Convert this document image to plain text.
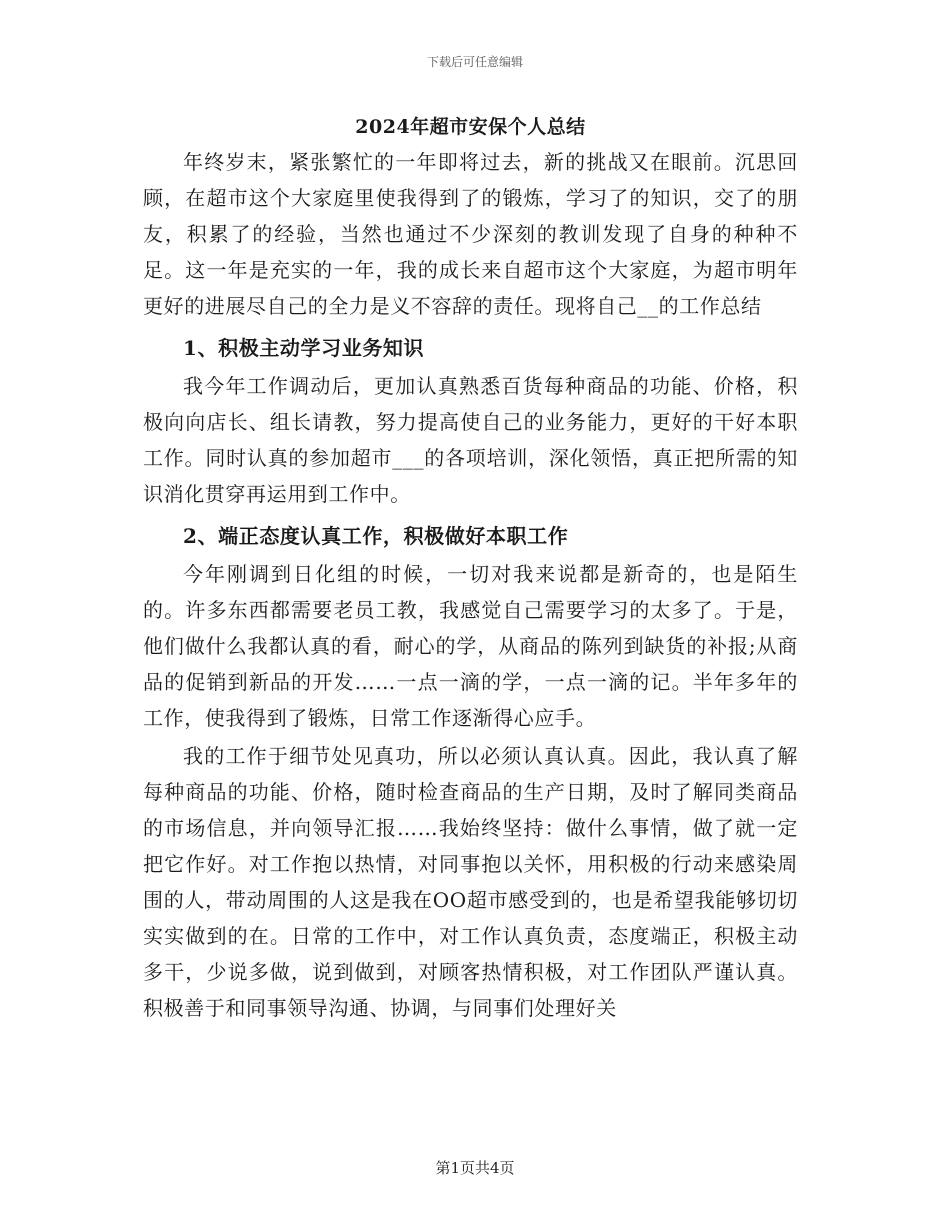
下载后可任意编辑
2024年超市安保个人总结

年终岁末，紧张繁忙的一年即将过去，新的挑战又在眼前。沉思回顾，在超市这个大家庭里使我得到了的锻炼，学习了的知识，交了的朋友，积累了的经验，当然也通过不少深刻的教训发现了自身的种种不足。这一年是充实的一年，我的成长来自超市这个大家庭，为超市明年更好的进展尽自己的全力是义不容辞的责任。现将自己__的工作总结

1、积极主动学习业务知识

我今年工作调动后，更加认真熟悉百货每种商品的功能、价格，积极向向店长、组长请教，努力提高使自己的业务能力，更好的干好本职工作。同时认真的参加超市___的各项培训，深化领悟，真正把所需的知识消化贯穿再运用到工作中。

2、端正态度认真工作，积极做好本职工作

今年刚调到日化组的时候，一切对我来说都是新奇的，也是陌生的。许多东西都需要老员工教，我感觉自己需要学习的太多了。于是，他们做什么我都认真的看，耐心的学，从商品的陈列到缺货的补报;从商品的促销到新品的开发……一点一滴的学，一点一滴的记。半年多年的工作，使我得到了锻炼，日常工作逐渐得心应手。

我的工作于细节处见真功，所以必须认真认真。因此，我认真了解每种商品的功能、价格，随时检查商品的生产日期，及时了解同类商品的市场信息，并向领导汇报……我始终坚持：做什么事情，做了就一定把它作好。对工作抱以热情，对同事抱以关怀，用积极的行动来感染周围的人，带动周围的人这是我在OO超市感受到的，也是希望我能够切切实实做到的在。日常的工作中，对工作认真负责，态度端正，积极主动多干，少说多做，说到做到，对顾客热情积极，对工作团队严谨认真。积极善于和同事领导沟通、协调，与同事们处理好关

第1页共4页
